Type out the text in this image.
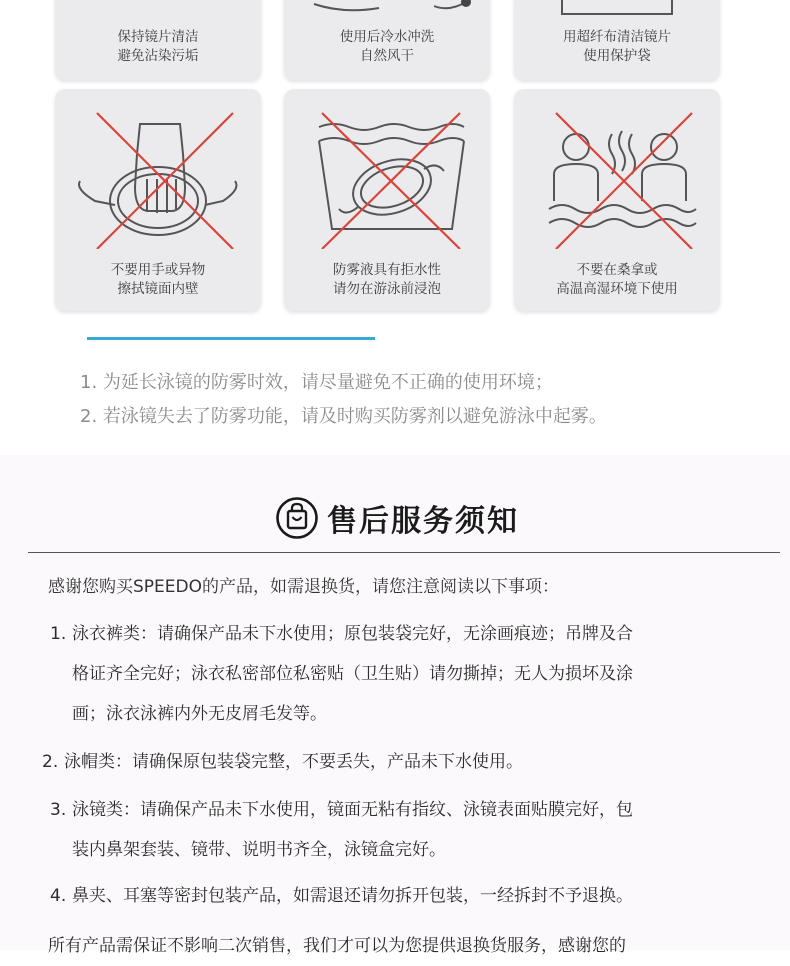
保持镜片清洁
避免沾染污垢
使用后冷水冲洗
自然风干
用超纤布清洁镜片
使用保护袋
不要用手或异物
擦拭镜面内壁
防雾液具有拒水性
请勿在游泳前浸泡
不要在桑拿或
高温高湿环境下使用
1. 为延长泳镜的防雾时效，请尽量避免不正确的使用环境；
2. 若泳镜失去了防雾功能，请及时购买防雾剂以避免游泳中起雾。
售后服务须知
感谢您购买SPEEDO的产品，如需退换货，请您注意阅读以下事项：
1. 泳衣裤类：请确保产品未下水使用；原包装袋完好，无涂画痕迹；吊牌及合
格证齐全完好；泳衣私密部位私密贴（卫生贴）请勿撕掉；无人为损坏及涂
画；泳衣泳裤内外无皮屑毛发等。
2. 泳帽类：请确保原包装袋完整，不要丢失，产品未下水使用。
3. 泳镜类：请确保产品未下水使用，镜面无粘有指纹、泳镜表面贴膜完好，包
装内鼻架套装、镜带、说明书齐全，泳镜盒完好。
4. 鼻夹、耳塞等密封包装产品，如需退还请勿拆开包装，一经拆封不予退换。
所有产品需保证不影响二次销售，我们才可以为您提供退换货服务，感谢您的
